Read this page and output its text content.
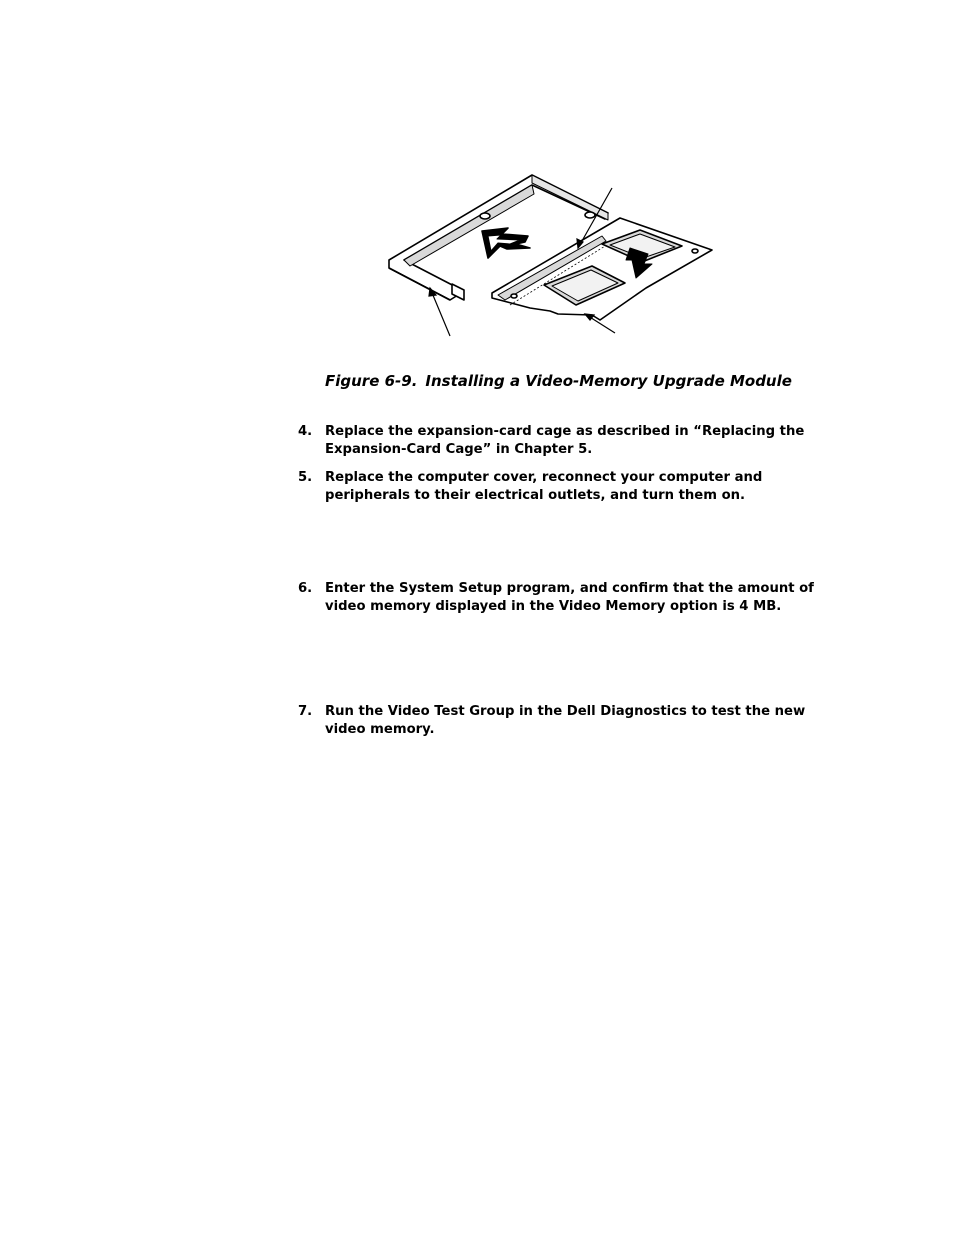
Figure 6-9. Installing a Video-Memory Upgrade Module
4. Replace the expansion-card cage as described in “Replacing the Expansion-Card Cage” in Chapter 5.
5. Replace the computer cover, reconnect your computer and peripherals to their electrical outlets, and turn them on.
6. Enter the System Setup program, and confirm that the amount of video memory displayed in the Video Memory option is 4 MB.
7. Run the Video Test Group in the Dell Diagnostics to test the new video memory.
